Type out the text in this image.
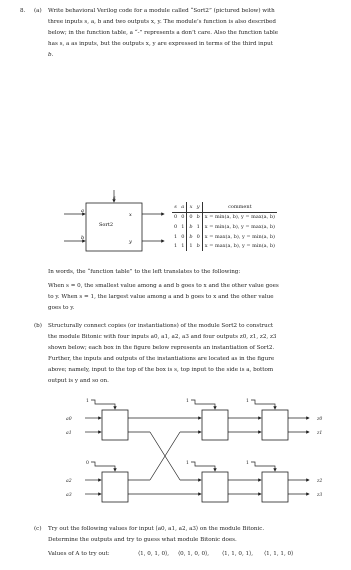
8. (a) Write behavioral Verilog code for a module called “Sort2” (pictured below) with
three inputs s, a, b and two outputs x, y. The module’s function is also described
below; in the function table, a “-” represents a don’t care. Also the function table
has s, a as inputs, but the outputs x, y are expressed in terms of the third input
b.
s
a
b
Sort2
x
y
s	a	x	y	comment
0	0	0	b	x = min(a, b), y = max(a, b)
0	1	b	1	x = min(a, b), y = max(a, b)
1	0	b	0	x = max(a, b), y = min(a, b)
1	1	1	b	x = max(a, b), y = min(a, b)
In words, the “function table” to the left translates to the following:
When s = 0, the smallest value among a and b goes to x and the other value goes
to y. When s = 1, the largest value among a and b goes to x and the other value
goes to y.
(b) Structurally connect copies (or instantiations) of the module Sort2 to construct
the module Bitonic with four inputs a0, a1, a2, a3 and four outputs z0, z1, z2, z3
shown below; each box in the figure below represents an instantiation of Sort2.
Further, the inputs and outputs of the instantiations are located as in the figure
above; namely, input to the top of the box is s, top input to the side is a, bottom
output is y and so on.
1	1	1
0	1	1
a0
a1
a2
a3
z0
z1
z2
z3
(c) Try out the following values for input ⟨a0, a1, a2, a3⟩ on the module Bitonic.
Determine the outputs and try to guess what module Bitonic does.
Values of A to try out:	⟨1, 0, 1, 0⟩, ⟨0, 1, 0, 0⟩, ⟨1, 1, 0, 1⟩, ⟨1, 1, 1, 0⟩
